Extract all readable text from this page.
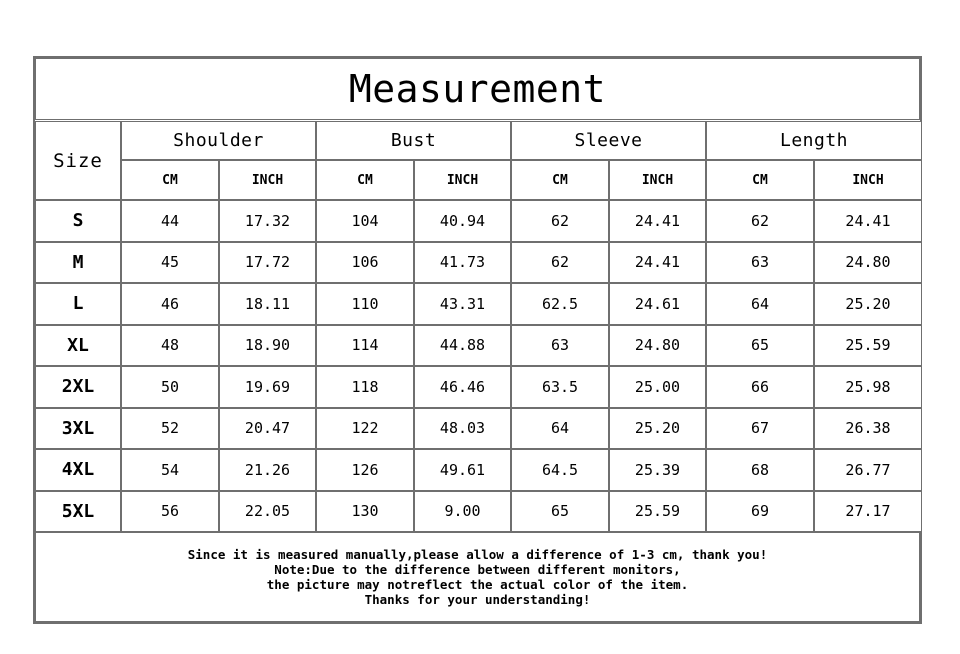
Measurement
Size
Shoulder	Bust	Sleeve	Length
CM	INCH	CM	INCH	CM	INCH	CM	INCH
S	44	17.32	104	40.94	62	24.41	62	24.41
M	45	17.72	106	41.73	62	24.41	63	24.80
L	46	18.11	110	43.31	62.5	24.61	64	25.20
XL	48	18.90	114	44.88	63	24.80	65	25.59
2XL	50	19.69	118	46.46	63.5	25.00	66	25.98
3XL	52	20.47	122	48.03	64	25.20	67	26.38
4XL	54	21.26	126	49.61	64.5	25.39	68	26.77
5XL	56	22.05	130	9.00	65	25.59	69	27.17
Since it is measured manually,please allow a difference of 1-3 cm, thank you!
Note:Due to the difference between different monitors,
the picture may notreflect the actual color of the item.
Thanks for your understanding!
